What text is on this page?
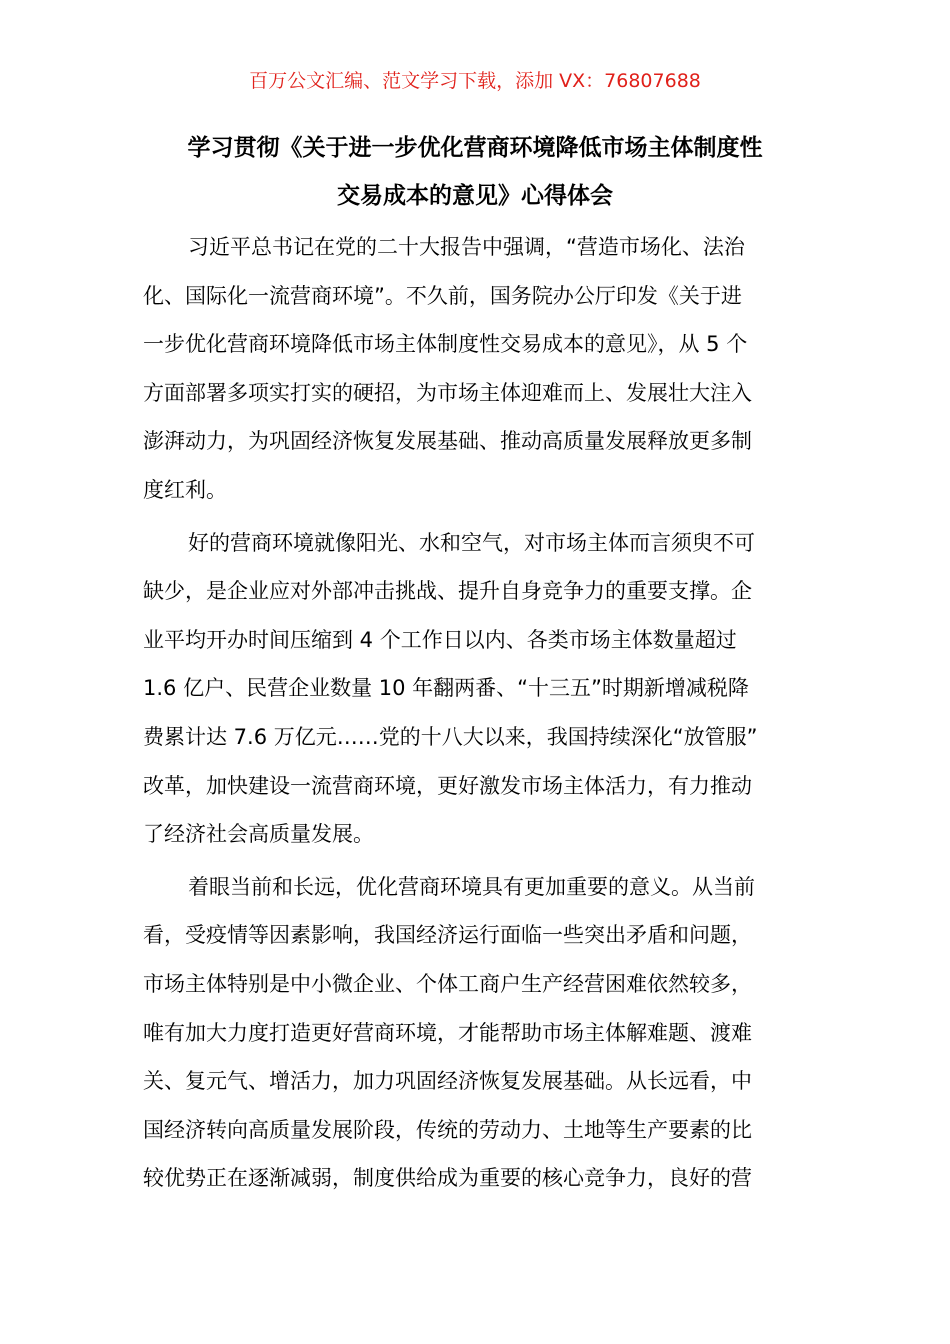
百万公文汇编、范文学习下载，添加 VX：76807688
学习贯彻《关于进一步优化营商环境降低市场主体制度性
交易成本的意见》心得体会
习近平总书记在党的二十大报告中强调，“营造市场化、法治
化、国际化一流营商环境”。不久前，国务院办公厅印发《关于进
一步优化营商环境降低市场主体制度性交易成本的意见》，从 5 个
方面部署多项实打实的硬招，为市场主体迎难而上、发展壮大注入
澎湃动力，为巩固经济恢复发展基础、推动高质量发展释放更多制
度红利。
好的营商环境就像阳光、水和空气，对市场主体而言须臾不可
缺少，是企业应对外部冲击挑战、提升自身竞争力的重要支撑。企
业平均开办时间压缩到 4 个工作日以内、各类市场主体数量超过
1.6 亿户、民营企业数量 10 年翻两番、“十三五”时期新增减税降
费累计达 7.6 万亿元……党的十八大以来，我国持续深化“放管服”
改革，加快建设一流营商环境，更好激发市场主体活力，有力推动
了经济社会高质量发展。
着眼当前和长远，优化营商环境具有更加重要的意义。从当前
看，受疫情等因素影响，我国经济运行面临一些突出矛盾和问题，
市场主体特别是中小微企业、个体工商户生产经营困难依然较多，
唯有加大力度打造更好营商环境，才能帮助市场主体解难题、渡难
关、复元气、增活力，加力巩固经济恢复发展基础。从长远看，中
国经济转向高质量发展阶段，传统的劳动力、土地等生产要素的比
较优势正在逐渐减弱，制度供给成为重要的核心竞争力，良好的营
